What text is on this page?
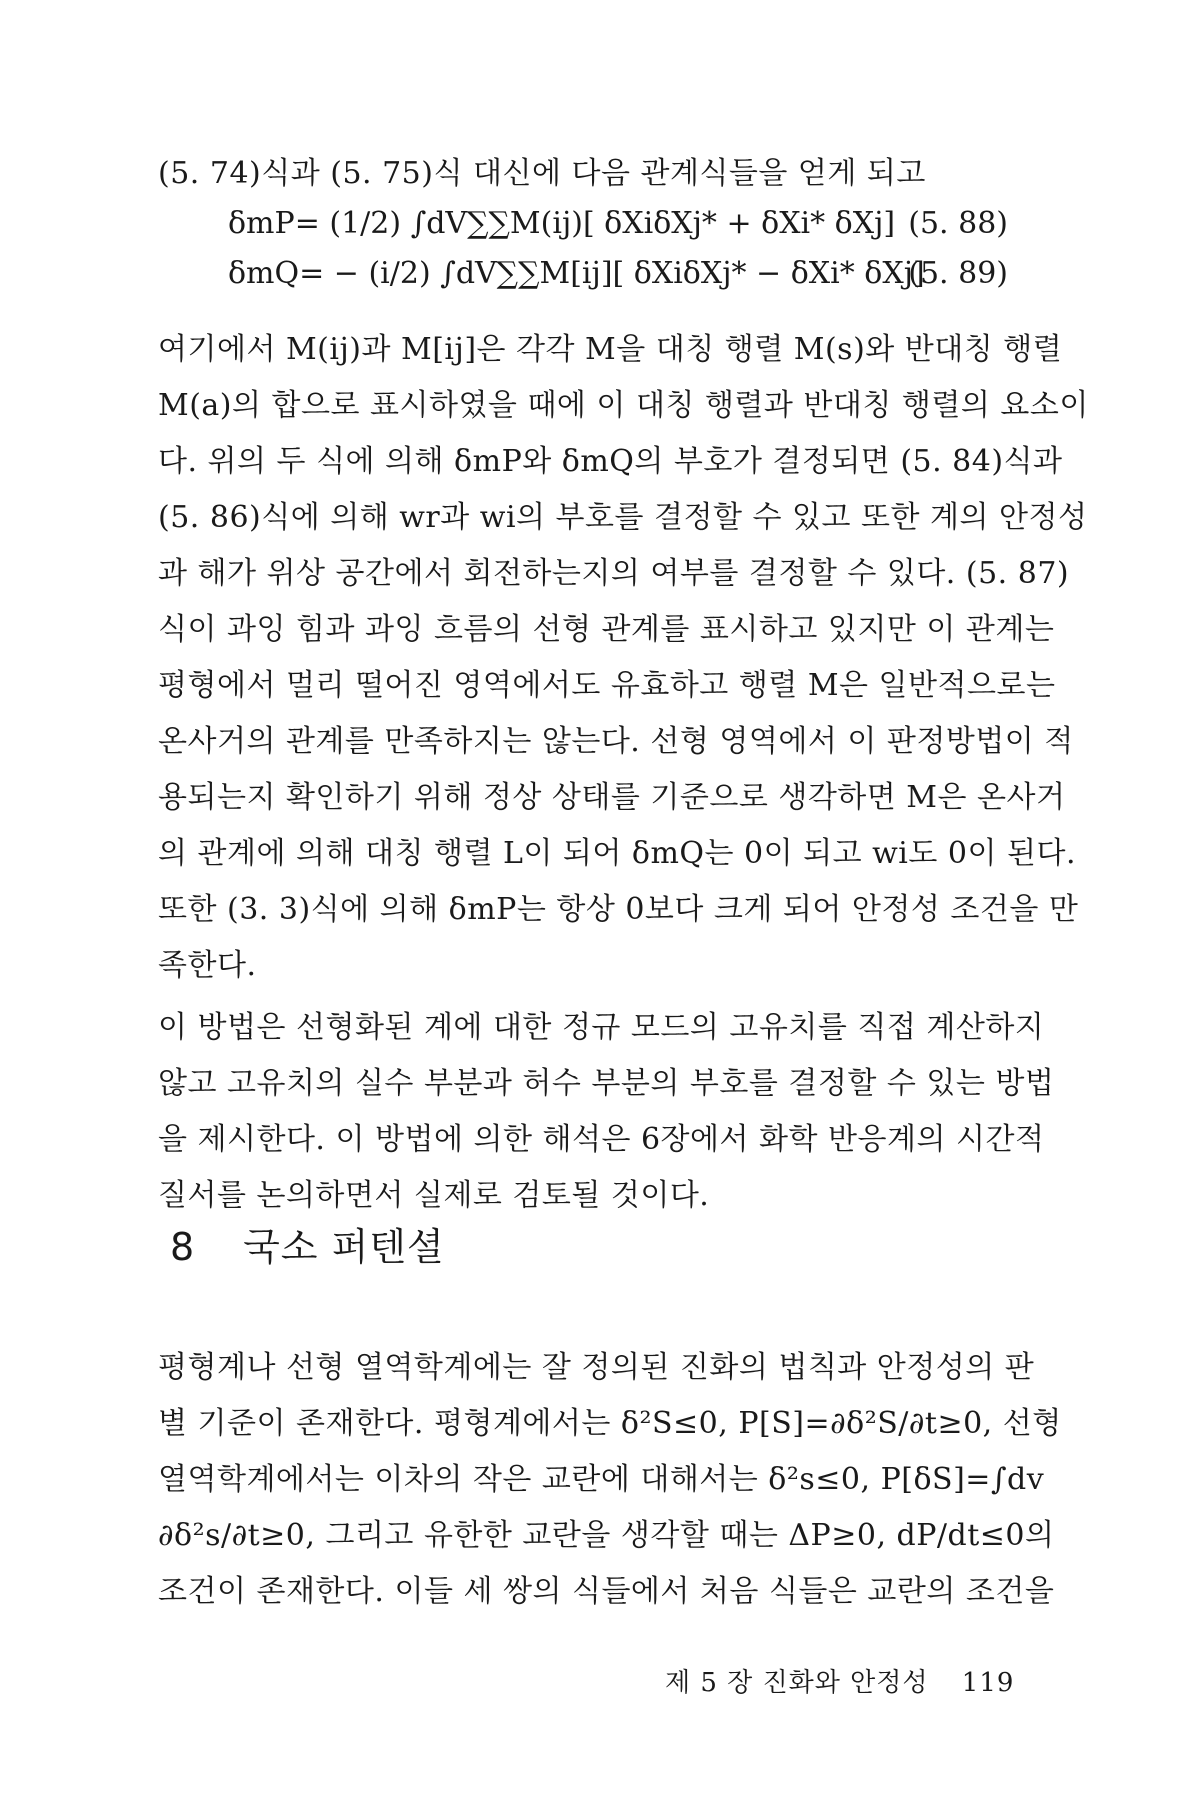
(5. 74)식과 (5. 75)식 대신에 다음 관계식들을 얻게 되고
δmP= (1/2) ∫dV∑∑M(ij)[ δXiδXj* + δXi* δXj] (5. 88)
δmQ= − (i/2) ∫dV∑∑M[ij][ δXiδXj* − δXi* δXj]
(5. 89)
여기에서 M(ij)과 M[ij]은 각각 M을 대칭 행렬 M(s)와 반대칭 행렬
M(a)의 합으로 표시하였을 때에 이 대칭 행렬과 반대칭 행렬의 요소이
다. 위의 두 식에 의해 δmP와 δmQ의 부호가 결정되면 (5. 84)식과
(5. 86)식에 의해 wr과 wi의 부호를 결정할 수 있고 또한 계의 안정성
과 해가 위상 공간에서 회전하는지의 여부를 결정할 수 있다. (5. 87)
식이 과잉 힘과 과잉 흐름의 선형 관계를 표시하고 있지만 이 관계는
평형에서 멀리 떨어진 영역에서도 유효하고 행렬 M은 일반적으로는
온사거의 관계를 만족하지는 않는다. 선형 영역에서 이 판정방법이 적
용되는지 확인하기 위해 정상 상태를 기준으로 생각하면 M은 온사거
의 관계에 의해 대칭 행렬 L이 되어 δmQ는 0이 되고 wi도 0이 된다.
또한 (3. 3)식에 의해 δmP는 항상 0보다 크게 되어 안정성 조건을 만
족한다.
이 방법은 선형화된 계에 대한 정규 모드의 고유치를 직접 계산하지
않고 고유치의 실수 부분과 허수 부분의 부호를 결정할 수 있는 방법
을 제시한다. 이 방법에 의한 해석은 6장에서 화학 반응계의 시간적
질서를 논의하면서 실제로 검토될 것이다.
8 국소 퍼텐셜
평형계나 선형 열역학계에는 잘 정의된 진화의 법칙과 안정성의 판
별 기준이 존재한다. 평형계에서는 δ²S≤0, P[S]=∂δ²S/∂t≥0, 선형
열역학계에서는 이차의 작은 교란에 대해서는 δ²s≤0, P[δS]=∫dv
∂δ²s/∂t≥0, 그리고 유한한 교란을 생각할 때는 ΔP≥0, dP/dt≤0의
조건이 존재한다. 이들 세 쌍의 식들에서 처음 식들은 교란의 조건을
제 5 장 진화와 안정성 119
